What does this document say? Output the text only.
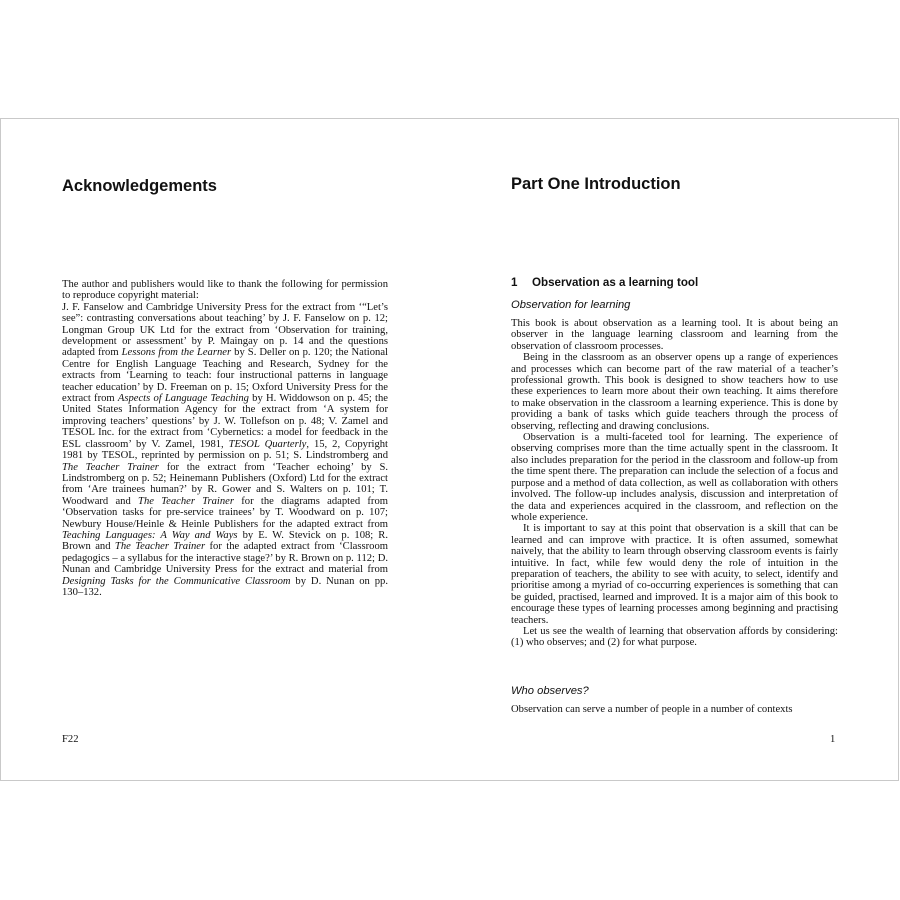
Acknowledgements

The author and publishers would like to thank the following for permission to reproduce copyright material:

J. F. Fanselow and Cambridge University Press for the extract from ‘“Let’s see”: contrasting conversations about teaching’ by J. F. Fanselow on p. 12; Longman Group UK Ltd for the extract from ‘Observation for training, development or assessment’ by P. Maingay on p. 14 and the questions adapted from Lessons from the Learner by S. Deller on p. 120; the National Centre for English Language Teaching and Research, Sydney for the extracts from ‘Learning to teach: four instructional patterns in language teacher education’ by D. Freeman on p. 15; Oxford University Press for the extract from Aspects of Language Teaching by H. Widdowson on p. 45; the United States Information Agency for the extract from ‘A system for improving teachers’ questions’ by J. W. Tollefson on p. 48; V. Zamel and TESOL Inc. for the extract from ‘Cybernetics: a model for feedback in the ESL classroom’ by V. Zamel, 1981, TESOL Quarterly, 15, 2, Copyright 1981 by TESOL, reprinted by permission on p. 51; S. Lindstromberg and The Teacher Trainer for the extract from ‘Teacher echoing’ by S. Lindstromberg on p. 52; Heinemann Publishers (Oxford) Ltd for the extract from ‘Are trainees human?’ by R. Gower and S. Walters on p. 101; T. Woodward and The Teacher Trainer for the diagrams adapted from ‘Observation tasks for pre-service trainees’ by T. Woodward on p. 107; Newbury House/Heinle & Heinle Publishers for the adapted extract from Teaching Languages: A Way and Ways by E. W. Stevick on p. 108; R. Brown and The Teacher Trainer for the adapted extract from ‘Classroom pedagogics – a syllabus for the interactive stage?’ by R. Brown on p. 112; D. Nunan and Cambridge University Press for the extract and material from Designing Tasks for the Communicative Classroom by D. Nunan on pp. 130–132.

F22
Part One Introduction
1 Observation as a learning tool
Observation for learning

This book is about observation as a learning tool. It is about being an observer in the language learning classroom and learning from the observation of classroom processes.

Being in the classroom as an observer opens up a range of experiences and processes which can become part of the raw material of a teacher’s professional growth. This book is designed to show teachers how to use these experiences to learn more about their own teaching. It aims therefore to make observation in the classroom a learning experience. This is done by providing a bank of tasks which guide teachers through the process of observing, reflecting and drawing conclusions.

Observation is a multi-faceted tool for learning. The experience of observing comprises more than the time actually spent in the classroom. It also includes preparation for the period in the classroom and follow-up from the time spent there. The preparation can include the selection of a focus and purpose and a method of data collection, as well as collaboration with others involved. The follow-up includes analysis, discussion and interpretation of the data and experiences acquired in the classroom, and reflection on the whole experience.

It is important to say at this point that observation is a skill that can be learned and can improve with practice. It is often assumed, somewhat naively, that the ability to learn through observing classroom events is fairly intuitive. In fact, while few would deny the role of intuition in the preparation of teachers, the ability to see with acuity, to select, identify and prioritise among a myriad of co-occurring experiences is something that can be guided, practised, learned and improved. It is a major aim of this book to encourage these types of learning processes among beginning and practising teachers.

Let us see the wealth of learning that observation affords by considering: (1) who observes; and (2) for what purpose.

Who observes?
Observation can serve a number of people in a number of contexts
1
